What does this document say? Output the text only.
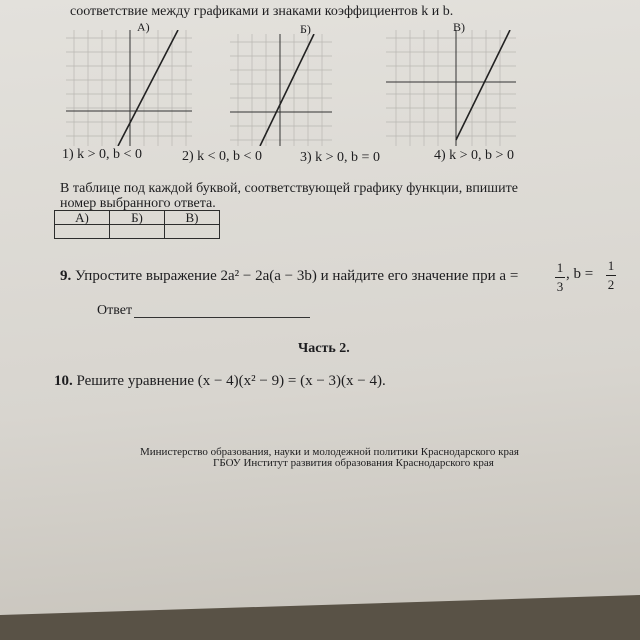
соответствие между графиками и знаками коэффициентов k и b.
А)	Б)	В)
1) k > 0, b < 0	2) k < 0, b < 0	3) k > 0, b = 0	4) k > 0, b > 0
В таблице под каждой буквой, соответствующей графику функции, впишите
номер выбранного ответа.
А)	Б)	В)

9. Упростите выражение 2a² − 2a(a − 3b) и найдите его значение при a =
1
3
, b =
1
2
Ответ
Часть 2.
10. Решите уравнение (x − 4)(x² − 9) = (x − 3)(x − 4).
Министерство образования, науки и молодежной политики Краснодарского края
ГБОУ Институт развития образования Краснодарского края
